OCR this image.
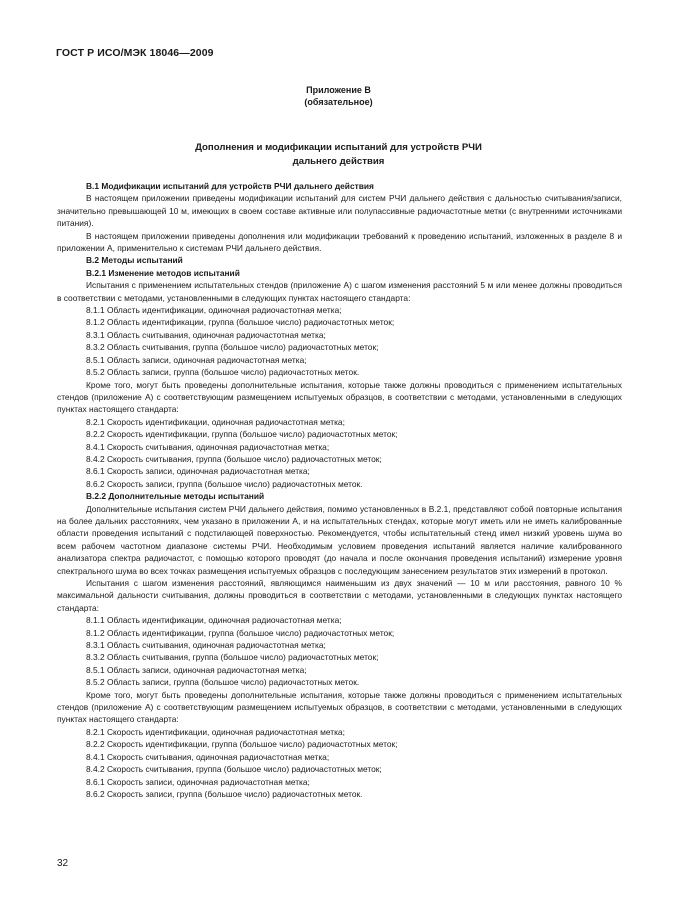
ГОСТ Р ИСО/МЭК 18046—2009
Приложение В
(обязательное)
Дополнения и модификации испытаний для устройств РЧИ
дальнего действия
В.1 Модификации испытаний для устройств РЧИ дальнего действия
В настоящем приложении приведены модификации испытаний для систем РЧИ дальнего действия с дальностью считывания/записи, значительно превышающей 10 м, имеющих в своем составе активные или полупассивные радиочастотные метки (с внутренними источниками питания).
В настоящем приложении приведены дополнения или модификации требований к проведению испытаний, изложенных в разделе 8 и приложении А, применительно к системам РЧИ дальнего действия.
В.2 Методы испытаний
В.2.1 Изменение методов испытаний
Испытания с применением испытательных стендов (приложение А) с шагом изменения расстояний 5 м или менее должны проводиться в соответствии с методами, установленными в следующих пунктах настоящего стандарта:
8.1.1 Область идентификации, одиночная радиочастотная метка;
8.1.2 Область идентификации, группа (большое число) радиочастотных меток;
8.3.1 Область считывания, одиночная радиочастотная метка;
8.3.2 Область считывания, группа (большое число) радиочастотных меток;
8.5.1 Область записи, одиночная радиочастотная метка;
8.5.2 Область записи, группа (большое число) радиочастотных меток.
Кроме того, могут быть проведены дополнительные испытания, которые также должны проводиться с применением испытательных стендов (приложение А) с соответствующим размещением испытуемых образцов, в соответствии с методами, установленными в следующих пунктах настоящего стандарта:
8.2.1 Скорость идентификации, одиночная радиочастотная метка;
8.2.2 Скорость идентификации, группа (большое число) радиочастотных меток;
8.4.1 Скорость считывания, одиночная радиочастотная метка;
8.4.2 Скорость считывания, группа (большое число) радиочастотных меток;
8.6.1 Скорость записи, одиночная радиочастотная метка;
8.6.2 Скорость записи, группа (большое число) радиочастотных меток.
В.2.2 Дополнительные методы испытаний
Дополнительные испытания систем РЧИ дальнего действия, помимо установленных в В.2.1, представляют собой повторные испытания на более дальних расстояниях, чем указано в приложении А, и на испытательных стендах, которые могут иметь или не иметь калиброванные области проведения испытаний с подстилающей поверхностью. Рекомендуется, чтобы испытательный стенд имел низкий уровень шума во всем рабочем частотном диапазоне системы РЧИ. Необходимым условием проведения испытаний является наличие калиброванного анализатора спектра радиочастот, с помощью которого проводят (до начала и после окончания проведения испытаний) измерение уровня спектрального шума во всех точках размещения испытуемых образцов с последующим занесением результатов этих измерений в протокол.
Испытания с шагом изменения расстояний, являющимся наименьшим из двух значений — 10 м или расстояния, равного 10 % максимальной дальности считывания, должны проводиться в соответствии с методами, установленными в следующих пунктах настоящего стандарта:
8.1.1 Область идентификации, одиночная радиочастотная метка;
8.1.2 Область идентификации, группа (большое число) радиочастотных меток;
8.3.1 Область считывания, одиночная радиочастотная метка;
8.3.2 Область считывания, группа (большое число) радиочастотных меток;
8.5.1 Область записи, одиночная радиочастотная метка;
8.5.2 Область записи, группа (большое число) радиочастотных меток.
Кроме того, могут быть проведены дополнительные испытания, которые также должны проводиться с применением испытательных стендов (приложение А) с соответствующим размещением испытуемых образцов, в соответствии с методами, установленными в следующих пунктах настоящего стандарта:
8.2.1 Скорость идентификации, одиночная радиочастотная метка;
8.2.2 Скорость идентификации, группа (большое число) радиочастотных меток;
8.4.1 Скорость считывания, одиночная радиочастотная метка;
8.4.2 Скорость считывания, группа (большое число) радиочастотных меток;
8.6.1 Скорость записи, одиночная радиочастотная метка;
8.6.2 Скорость записи, группа (большое число) радиочастотных меток.
32
